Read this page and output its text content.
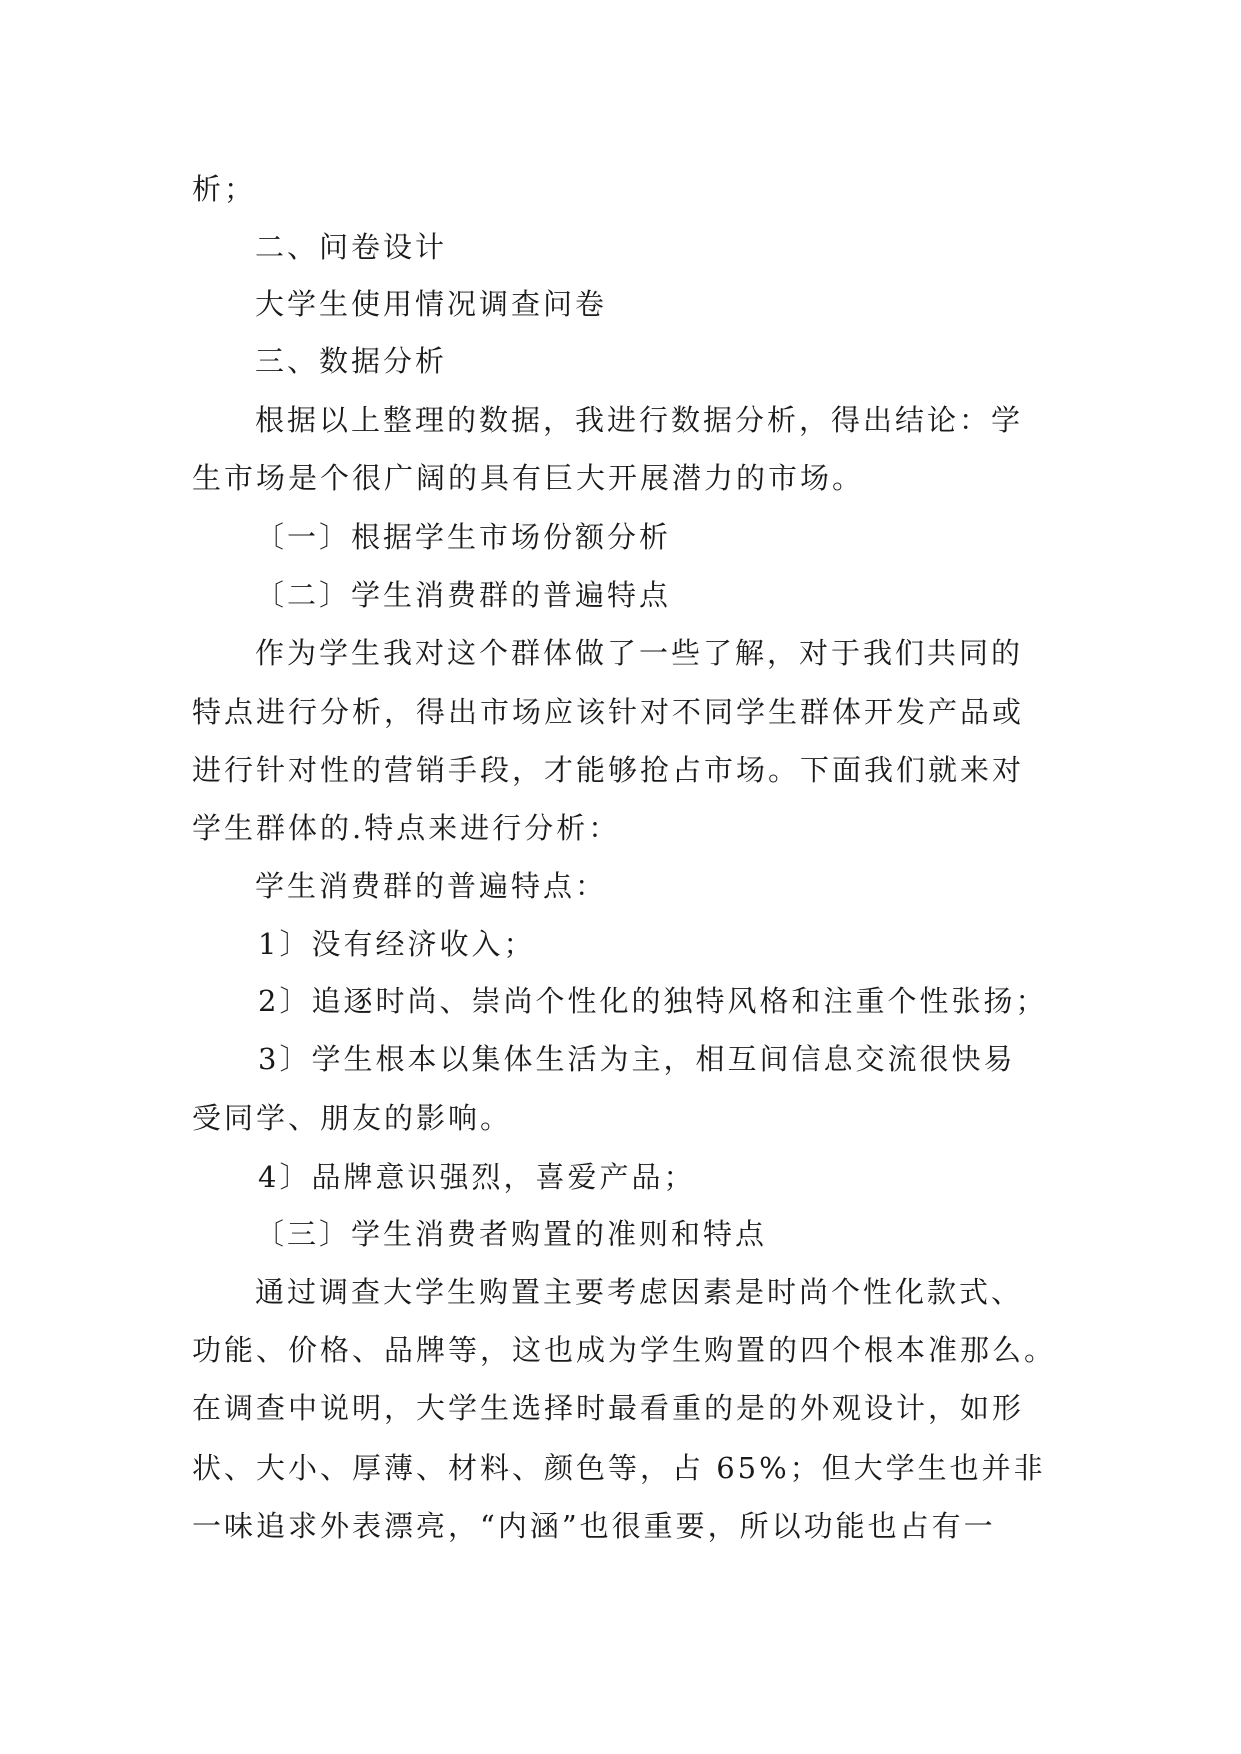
析；
二、问卷设计
大学生使用情况调查问卷
三、数据分析
根据以上整理的数据，我进行数据分析，得出结论：学
生市场是个很广阔的具有巨大开展潜力的市场。
〔一〕根据学生市场份额分析
〔二〕学生消费群的普遍特点
作为学生我对这个群体做了一些了解，对于我们共同的
特点进行分析，得出市场应该针对不同学生群体开发产品或
进行针对性的营销手段，才能够抢占市场。下面我们就来对
学生群体的.特点来进行分析：
学生消费群的普遍特点：
1〕没有经济收入；
2〕追逐时尚、崇尚个性化的独特风格和注重个性张扬；
3〕学生根本以集体生活为主，相互间信息交流很快易
受同学、朋友的影响。
4〕品牌意识强烈，喜爱产品；
〔三〕学生消费者购置的准则和特点
通过调查大学生购置主要考虑因素是时尚个性化款式、
功能、价格、品牌等，这也成为学生购置的四个根本准那么。
在调查中说明，大学生选择时最看重的是的外观设计，如形
状、大小、厚薄、材料、颜色等，占 65%；但大学生也并非
一味追求外表漂亮，“内涵”也很重要，所以功能也占有一
